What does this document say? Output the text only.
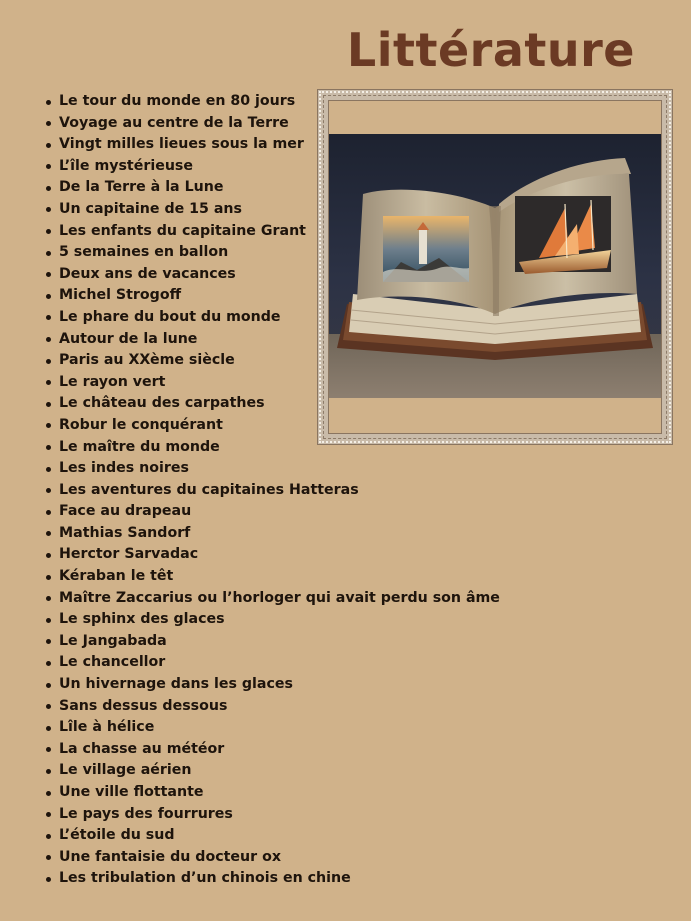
Littérature
Le tour du monde en 80 jours
Voyage au centre de la Terre
Vingt milles lieues sous la mer
L’île mystérieuse
De la Terre à la Lune
Un capitaine de 15 ans
Les enfants du capitaine Grant
5 semaines en ballon
Deux ans de vacances
Michel Strogoff
Le phare du bout du monde
Autour de la lune
Paris au XXème siècle
Le rayon vert
Le château des carpathes
Robur le conquérant
Le maître du monde
Les indes noires
Les aventures du capitaines Hatteras
Face au drapeau
Mathias Sandorf
Herctor Sarvadac
Kéraban le têt
Maître Zaccarius ou l’horloger qui avait perdu son âme
Le sphinx des glaces
Le Jangabada
Le chancellor
Un hivernage dans les glaces
Sans dessus dessous
Lîle à hélice
La chasse au météor
Le village aérien
Une ville flottante
Le pays des fourrures
L’étoile du sud
Une fantaisie du docteur ox
Les tribulation d’un chinois en chine
